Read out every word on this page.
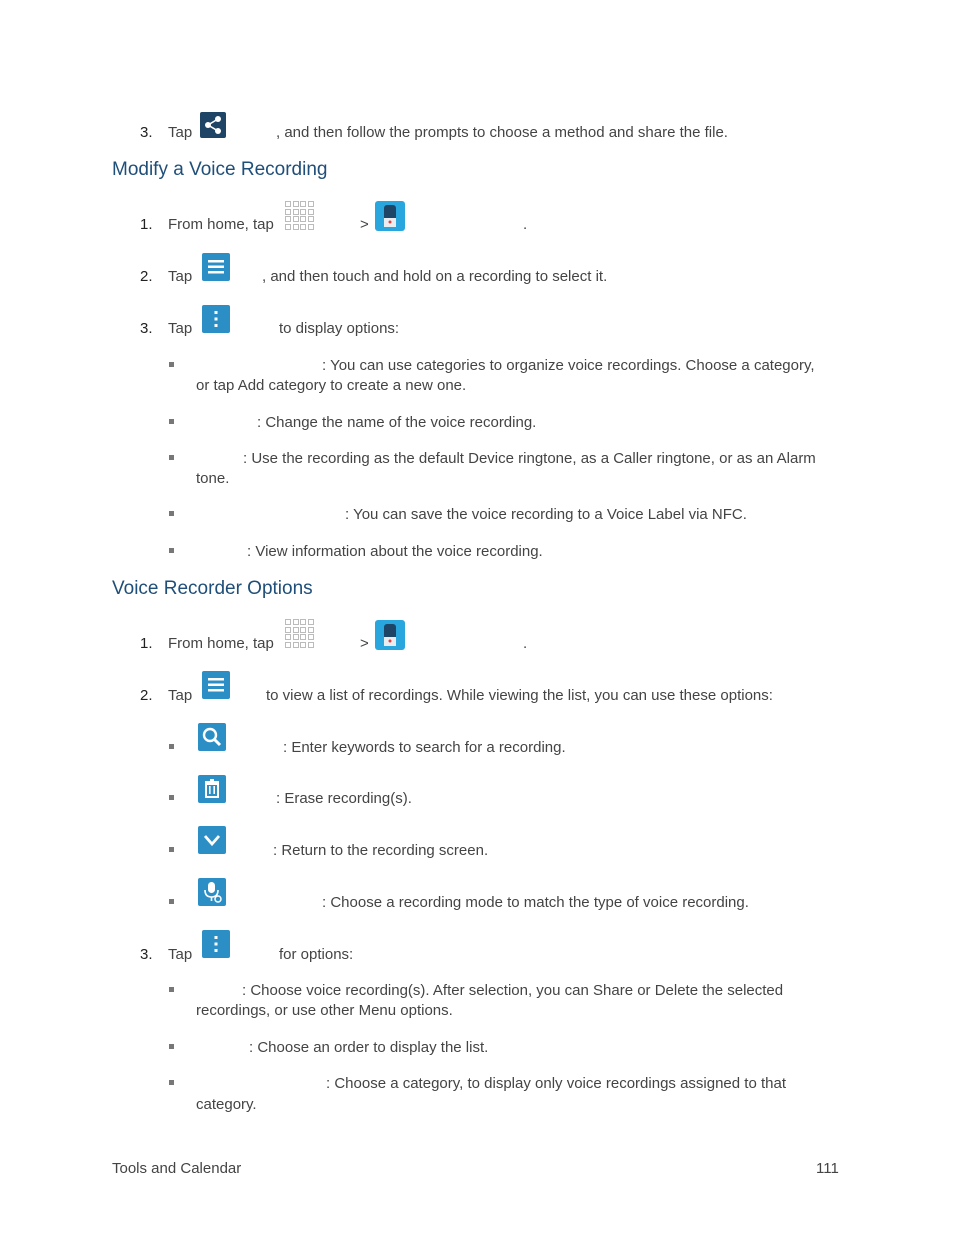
3. Tap	, and then follow the prompts to choose a method and share the file.
Modify a Voice Recording
1. From home, tap	>	.
2. Tap	, and then touch and hold on a recording to select it.
3. Tap	to display options:
: You can use categories to organize voice recordings. Choose a category,
or tap Add category to create a new one.
: Change the name of the voice recording.
: Use the recording as the default Device ringtone, as a Caller ringtone, or as an Alarm
tone.
: You can save the voice recording to a Voice Label via NFC.
: View information about the voice recording.
Voice Recorder Options
1. From home, tap	>	.
2. Tap	to view a list of recordings. While viewing the list, you can use these options:
: Enter keywords to search for a recording.
: Erase recording(s).
: Return to the recording screen.
: Choose a recording mode to match the type of voice recording.
3. Tap	for options:
: Choose voice recording(s). After selection, you can Share or Delete the selected
recordings, or use other Menu options.
: Choose an order to display the list.
: Choose a category, to display only voice recordings assigned to that
category.
Tools and Calendar	111
